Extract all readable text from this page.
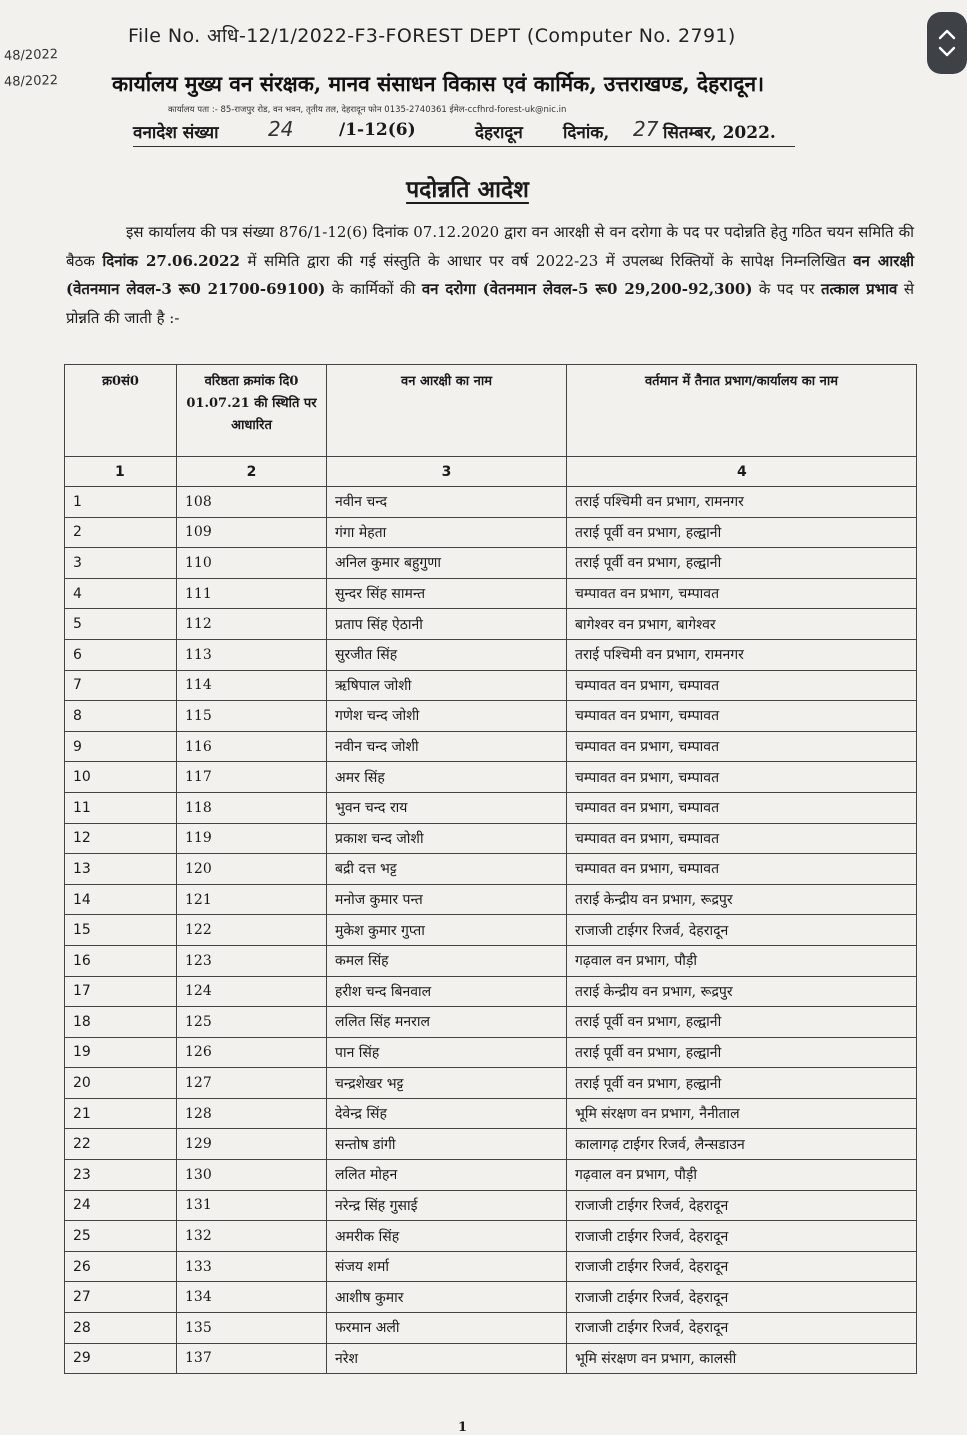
File No. अधि-12/1/2022-F3-FOREST DEPT (Computer No. 2791)
48/2022
48/2022	कार्यालय मुख्य वन संरक्षक, मानव संसाधन विकास एवं कार्मिक, उत्तराखण्ड, देहरादून।
कार्यालय पता :- 85-राजपुर रोड, वन भवन, तृतीय तल, देहरादून फोन 0135-2740361 ईमेल-ccfhrd-forest-uk@nic.in
वनादेश संख्या 24	/1-12(6)	देहरादून दिनांक, 27 सितम्बर, 2022.
पदोन्नति आदेश
इस कार्यालय की पत्र संख्या 876/1-12(6) दिनांक 07.12.2020 द्वारा वन आरक्षी से वन दरोगा के पद पर पदोन्नति हेतु गठित चयन समिति की बैठक दिनांक 27.06.2022 में समिति द्वारा की गई संस्तुति के आधार पर वर्ष 2022-23 में उपलब्ध रिक्तियों के सापेक्ष निम्नलिखित वन आरक्षी (वेतनमान लेवल-3 रू0 21700-69100) के कार्मिकों की वन दरोगा (वेतनमान लेवल-5 रू0 29,200-92,300) के पद पर तत्काल प्रभाव से प्रोन्नति की जाती है :-
क्र0सं0	वरिष्ठता क्रमांक दि0 01.07.21 की स्थिति पर आधारित	वन आरक्षी का नाम	वर्तमान में तैनात प्रभाग/कार्यालय का नाम
1	2	3	4
1	108	नवीन चन्द	तराई पश्चिमी वन प्रभाग, रामनगर
2	109	गंगा मेहता	तराई पूर्वी वन प्रभाग, हल्द्वानी
3	110	अनिल कुमार बहुगुणा	तराई पूर्वी वन प्रभाग, हल्द्वानी
4	111	सुन्दर सिंह सामन्त	चम्पावत वन प्रभाग, चम्पावत
5	112	प्रताप सिंह ऐठानी	बागेश्वर वन प्रभाग, बागेश्वर
6	113	सुरजीत सिंह	तराई पश्चिमी वन प्रभाग, रामनगर
7	114	ऋषिपाल जोशी	चम्पावत वन प्रभाग, चम्पावत
8	115	गणेश चन्द जोशी	चम्पावत वन प्रभाग, चम्पावत
9	116	नवीन चन्द जोशी	चम्पावत वन प्रभाग, चम्पावत
10	117	अमर सिंह	चम्पावत वन प्रभाग, चम्पावत
11	118	भुवन चन्द राय	चम्पावत वन प्रभाग, चम्पावत
12	119	प्रकाश चन्द जोशी	चम्पावत वन प्रभाग, चम्पावत
13	120	बद्री दत्त भट्ट	चम्पावत वन प्रभाग, चम्पावत
14	121	मनोज कुमार पन्त	तराई केन्द्रीय वन प्रभाग, रूद्रपुर
15	122	मुकेश कुमार गुप्ता	राजाजी टाईगर रिजर्व, देहरादून
16	123	कमल सिंह	गढ़वाल वन प्रभाग, पौड़ी
17	124	हरीश चन्द बिनवाल	तराई केन्द्रीय वन प्रभाग, रूद्रपुर
18	125	ललित सिंह मनराल	तराई पूर्वी वन प्रभाग, हल्द्वानी
19	126	पान सिंह	तराई पूर्वी वन प्रभाग, हल्द्वानी
20	127	चन्द्रशेखर भट्ट	तराई पूर्वी वन प्रभाग, हल्द्वानी
21	128	देवेन्द्र सिंह	भूमि संरक्षण वन प्रभाग, नैनीताल
22	129	सन्तोष डांगी	कालागढ़ टाईगर रिजर्व, लैन्सडाउन
23	130	ललित मोहन	गढ़वाल वन प्रभाग, पौड़ी
24	131	नरेन्द्र सिंह गुसाई	राजाजी टाईगर रिजर्व, देहरादून
25	132	अमरीक सिंह	राजाजी टाईगर रिजर्व, देहरादून
26	133	संजय शर्मा	राजाजी टाईगर रिजर्व, देहरादून
27	134	आशीष कुमार	राजाजी टाईगर रिजर्व, देहरादून
28	135	फरमान अली	राजाजी टाईगर रिजर्व, देहरादून
29	137	नरेश	भूमि संरक्षण वन प्रभाग, कालसी
1
